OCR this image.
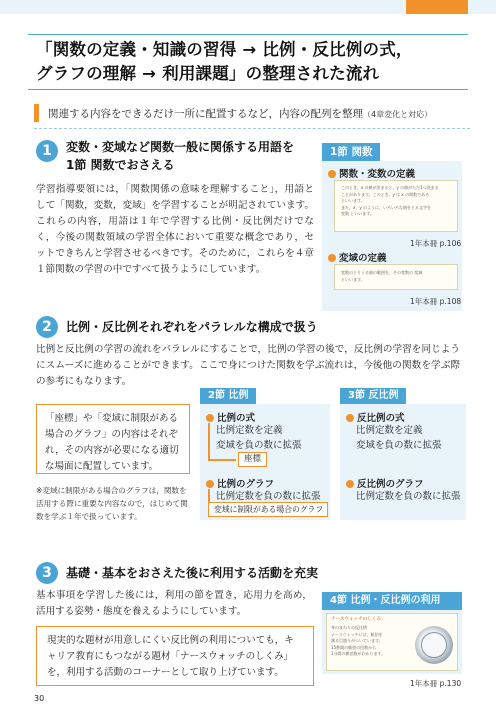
「関数の定義・知識の習得 → 比例・反比例の式，
グラフの理解 → 利用課題」の整理された流れ
関連する内容をできるだけ一所に配置するなど，内容の配列を整理（4章変化と対応）
1	変数・変域など関数一般に関係する用語を
1節 関数でおさえる
学習指導要領には，「関数関係の意味を理解すること」，用語として「関数，変数，変域」を学習することが明記されています。これらの内容，用語は１年で学習する比例・反比例だけでなく，今後の関数領域の学習全体において重要な概念であり，セットできちんと学習させるべきです。そのために，これらを４章１節関数の学習の中ですべて扱うようにしています。
1節 関数
関数・変数の定義
このとき，x の値が決まると，y の値がただ1つ決まる
ことがあります。このとき，y は x の関数である
といいます。
また，x，y のように，いろいろな値をとる文字を
変数 といいます。
1年本冊 p.106
変域の定義
変数のとりうる値の範囲を，その変数の 変域
といいます。
1年本冊 p.108
2	比例・反比例それぞれをパラレルな構成で扱う
比例と反比例の学習の流れをパラレルにすることで，比例の学習の後で，反比例の学習を同じようにスムーズに進めることができます。ここで身につけた関数を学ぶ流れは，今後他の関数を学ぶ際の参考にもなります。
「座標」や「変域に制限がある場合のグラフ」の内容はそれぞれ，その内容が必要になる適切な場面に配置しています。
※変域に制限がある場合のグラフは，関数を活用する際に重要な内容なので，はじめて関数を学ぶ１年で扱っています。
2節 比例
比例の式
比例定数を定義
変域を負の数に拡張
座標
比例のグラフ
比例定数を負の数に拡張
変域に制限がある場合のグラフ
3節 反比例
反比例の式
比例定数を定義
変域を負の数に拡張
反比例のグラフ
比例定数を負の数に拡張
3	基礎・基本をおさえた後に利用する活動を充実
基本事項を学習した後には，利用の節を置き，応用力を高め，活用する姿勢・態度を養えるようにしています。
現実的な題材が用意しにくい反比例の利用についても，キャリア教育にもつながる題材「ナースウォッチのしくみ」を，利用する活動のコーナーとして取り上げています。
4節 比例・反比例の利用
ナースウォッチのしくみ
身のまわりの反比例
ナースウォッチには，脈拍を
測る目盛りがついています。
15秒間の脈拍の回数から
1分間の脈拍数がわかります。
1年本冊 p.130
30
